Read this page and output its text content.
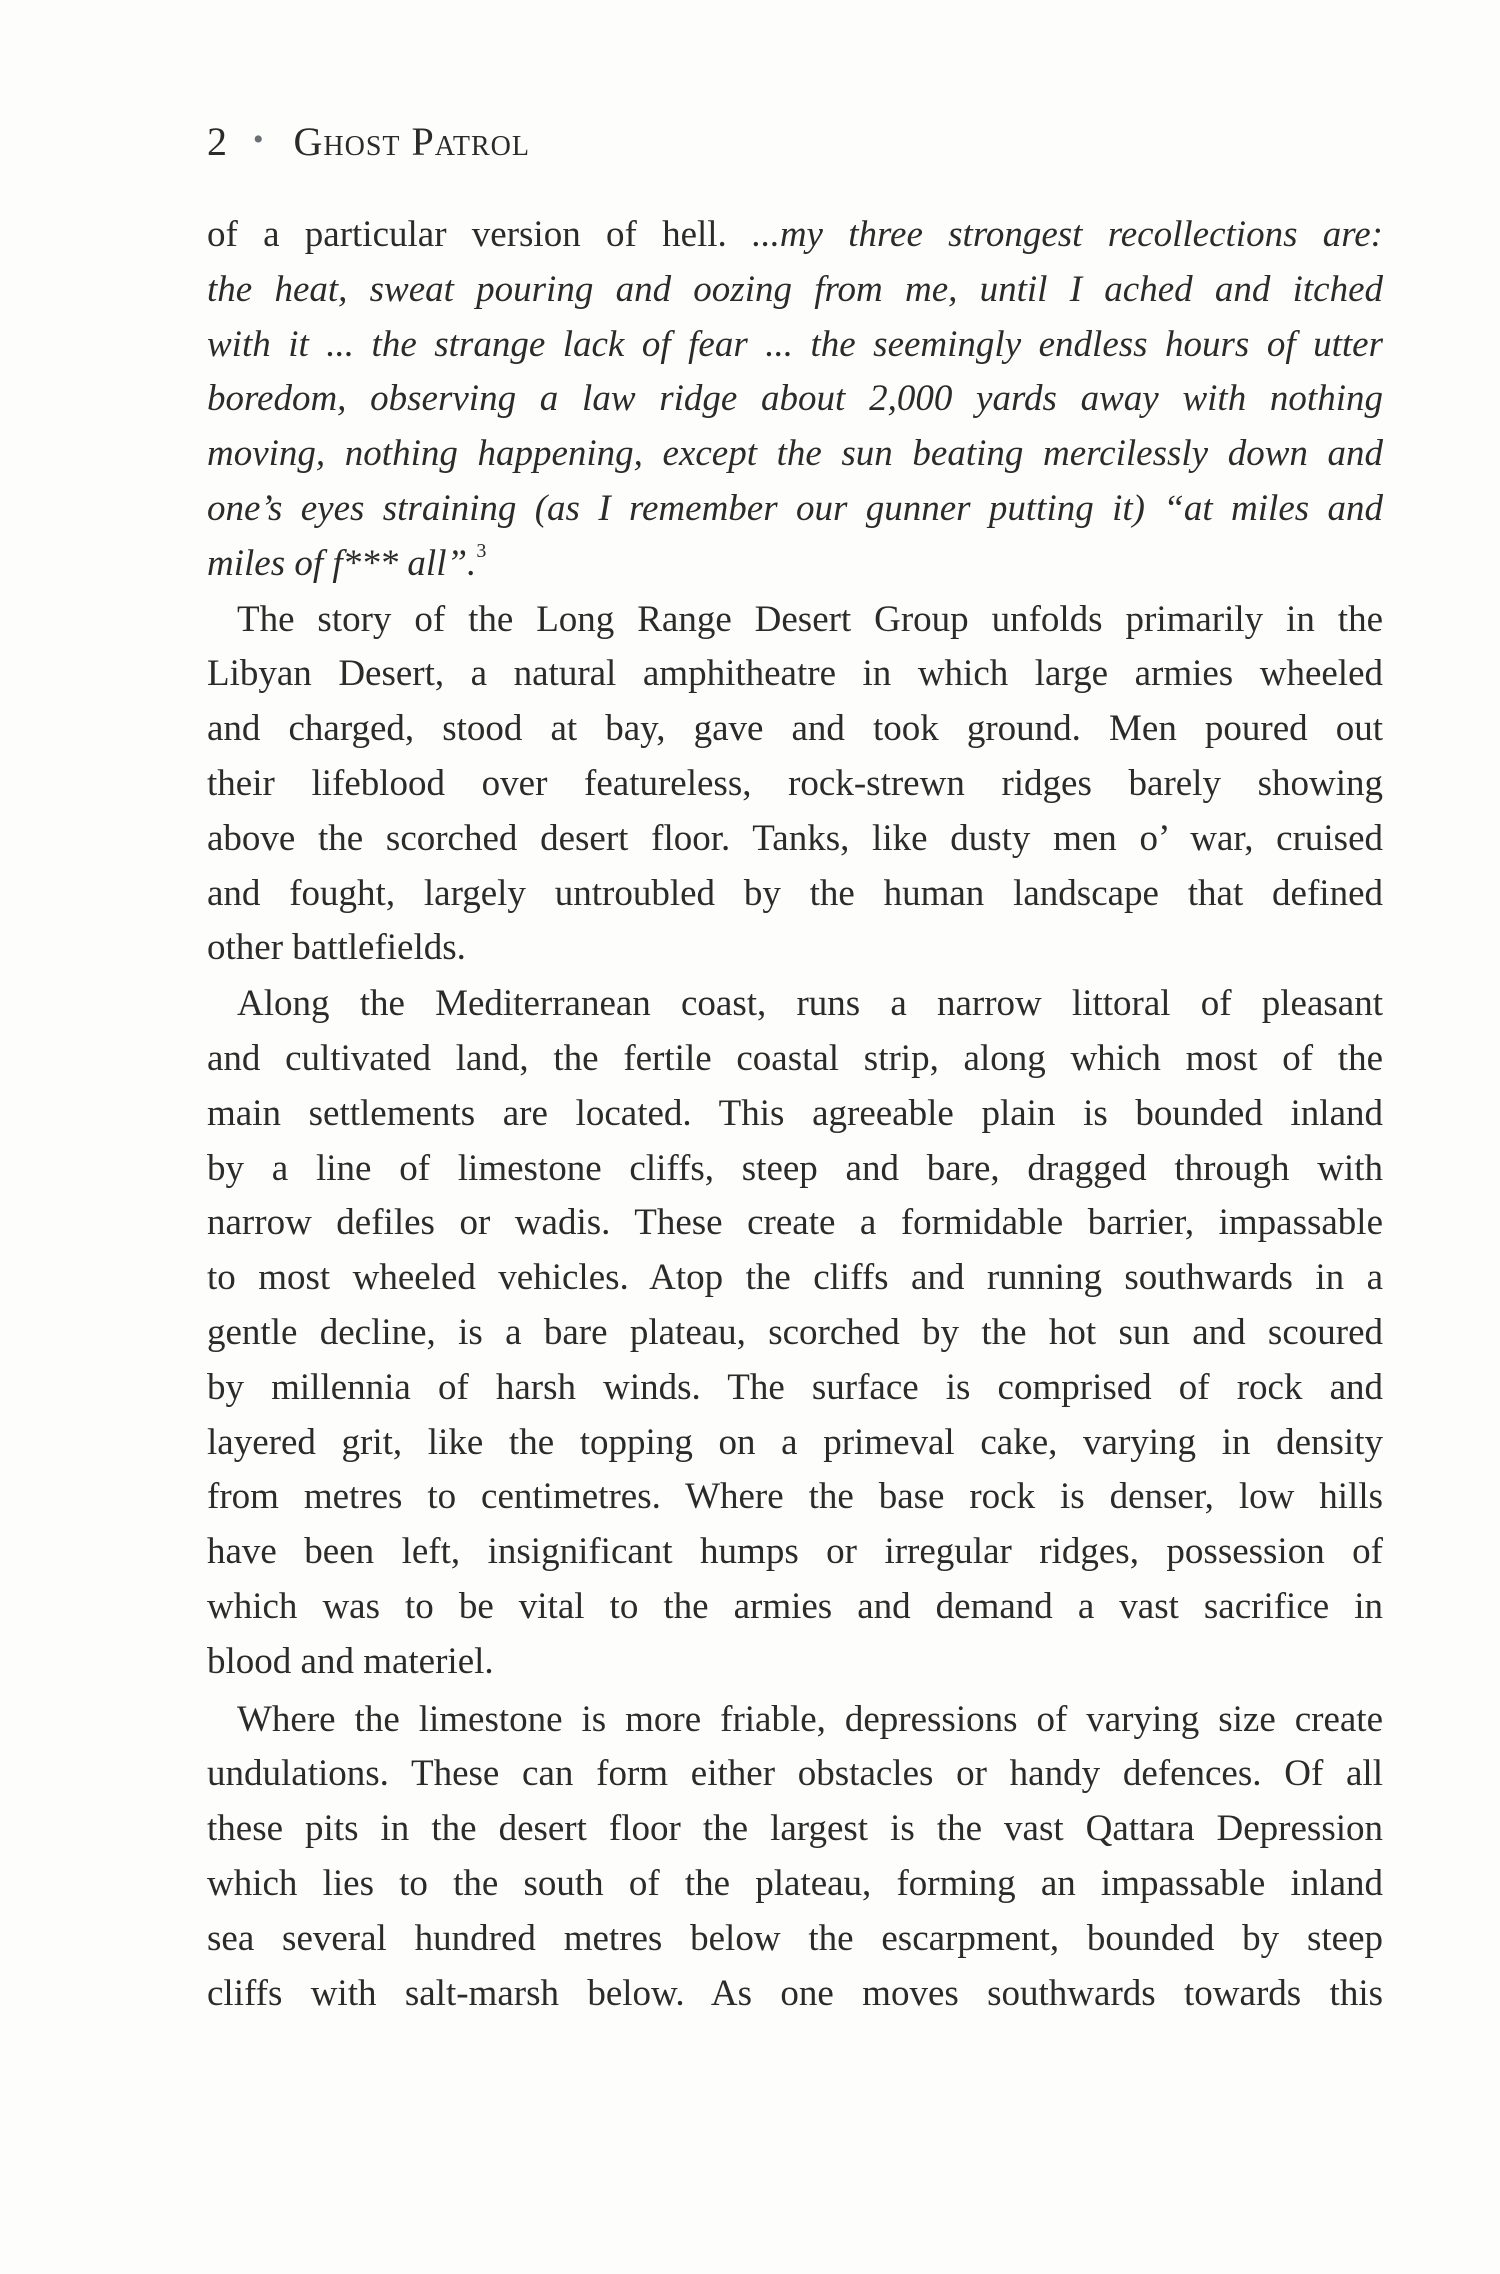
2 • Ghost Patrol
of a particular version of hell. ...my three strongest recollections are:
the heat, sweat pouring and oozing from me, until I ached and itched
with it ... the strange lack of fear ... the seemingly endless hours of utter
boredom, observing a law ridge about 2,000 yards away with nothing
moving, nothing happening, except the sun beating mercilessly down and
one’s eyes straining (as I remember our gunner putting it) “at miles and
miles of f*** all”.$^3$
The story of the Long Range Desert Group unfolds primarily in the
Libyan Desert, a natural amphitheatre in which large armies wheeled
and charged, stood at bay, gave and took ground. Men poured out
their lifeblood over featureless, rock-strewn ridges barely showing
above the scorched desert floor. Tanks, like dusty men o’ war, cruised
and fought, largely untroubled by the human landscape that defined
other battlefields.
Along the Mediterranean coast, runs a narrow littoral of pleasant
and cultivated land, the fertile coastal strip, along which most of the
main settlements are located. This agreeable plain is bounded inland
by a line of limestone cliffs, steep and bare, dragged through with
narrow defiles or wadis. These create a formidable barrier, impassable
to most wheeled vehicles. Atop the cliffs and running southwards in a
gentle decline, is a bare plateau, scorched by the hot sun and scoured
by millennia of harsh winds. The surface is comprised of rock and
layered grit, like the topping on a primeval cake, varying in density
from metres to centimetres. Where the base rock is denser, low hills
have been left, insignificant humps or irregular ridges, possession of
which was to be vital to the armies and demand a vast sacrifice in
blood and materiel.
Where the limestone is more friable, depressions of varying size create
undulations. These can form either obstacles or handy defences. Of all
these pits in the desert floor the largest is the vast Qattara Depression
which lies to the south of the plateau, forming an impassable inland
sea several hundred metres below the escarpment, bounded by steep
cliffs with salt-marsh below. As one moves southwards towards this
